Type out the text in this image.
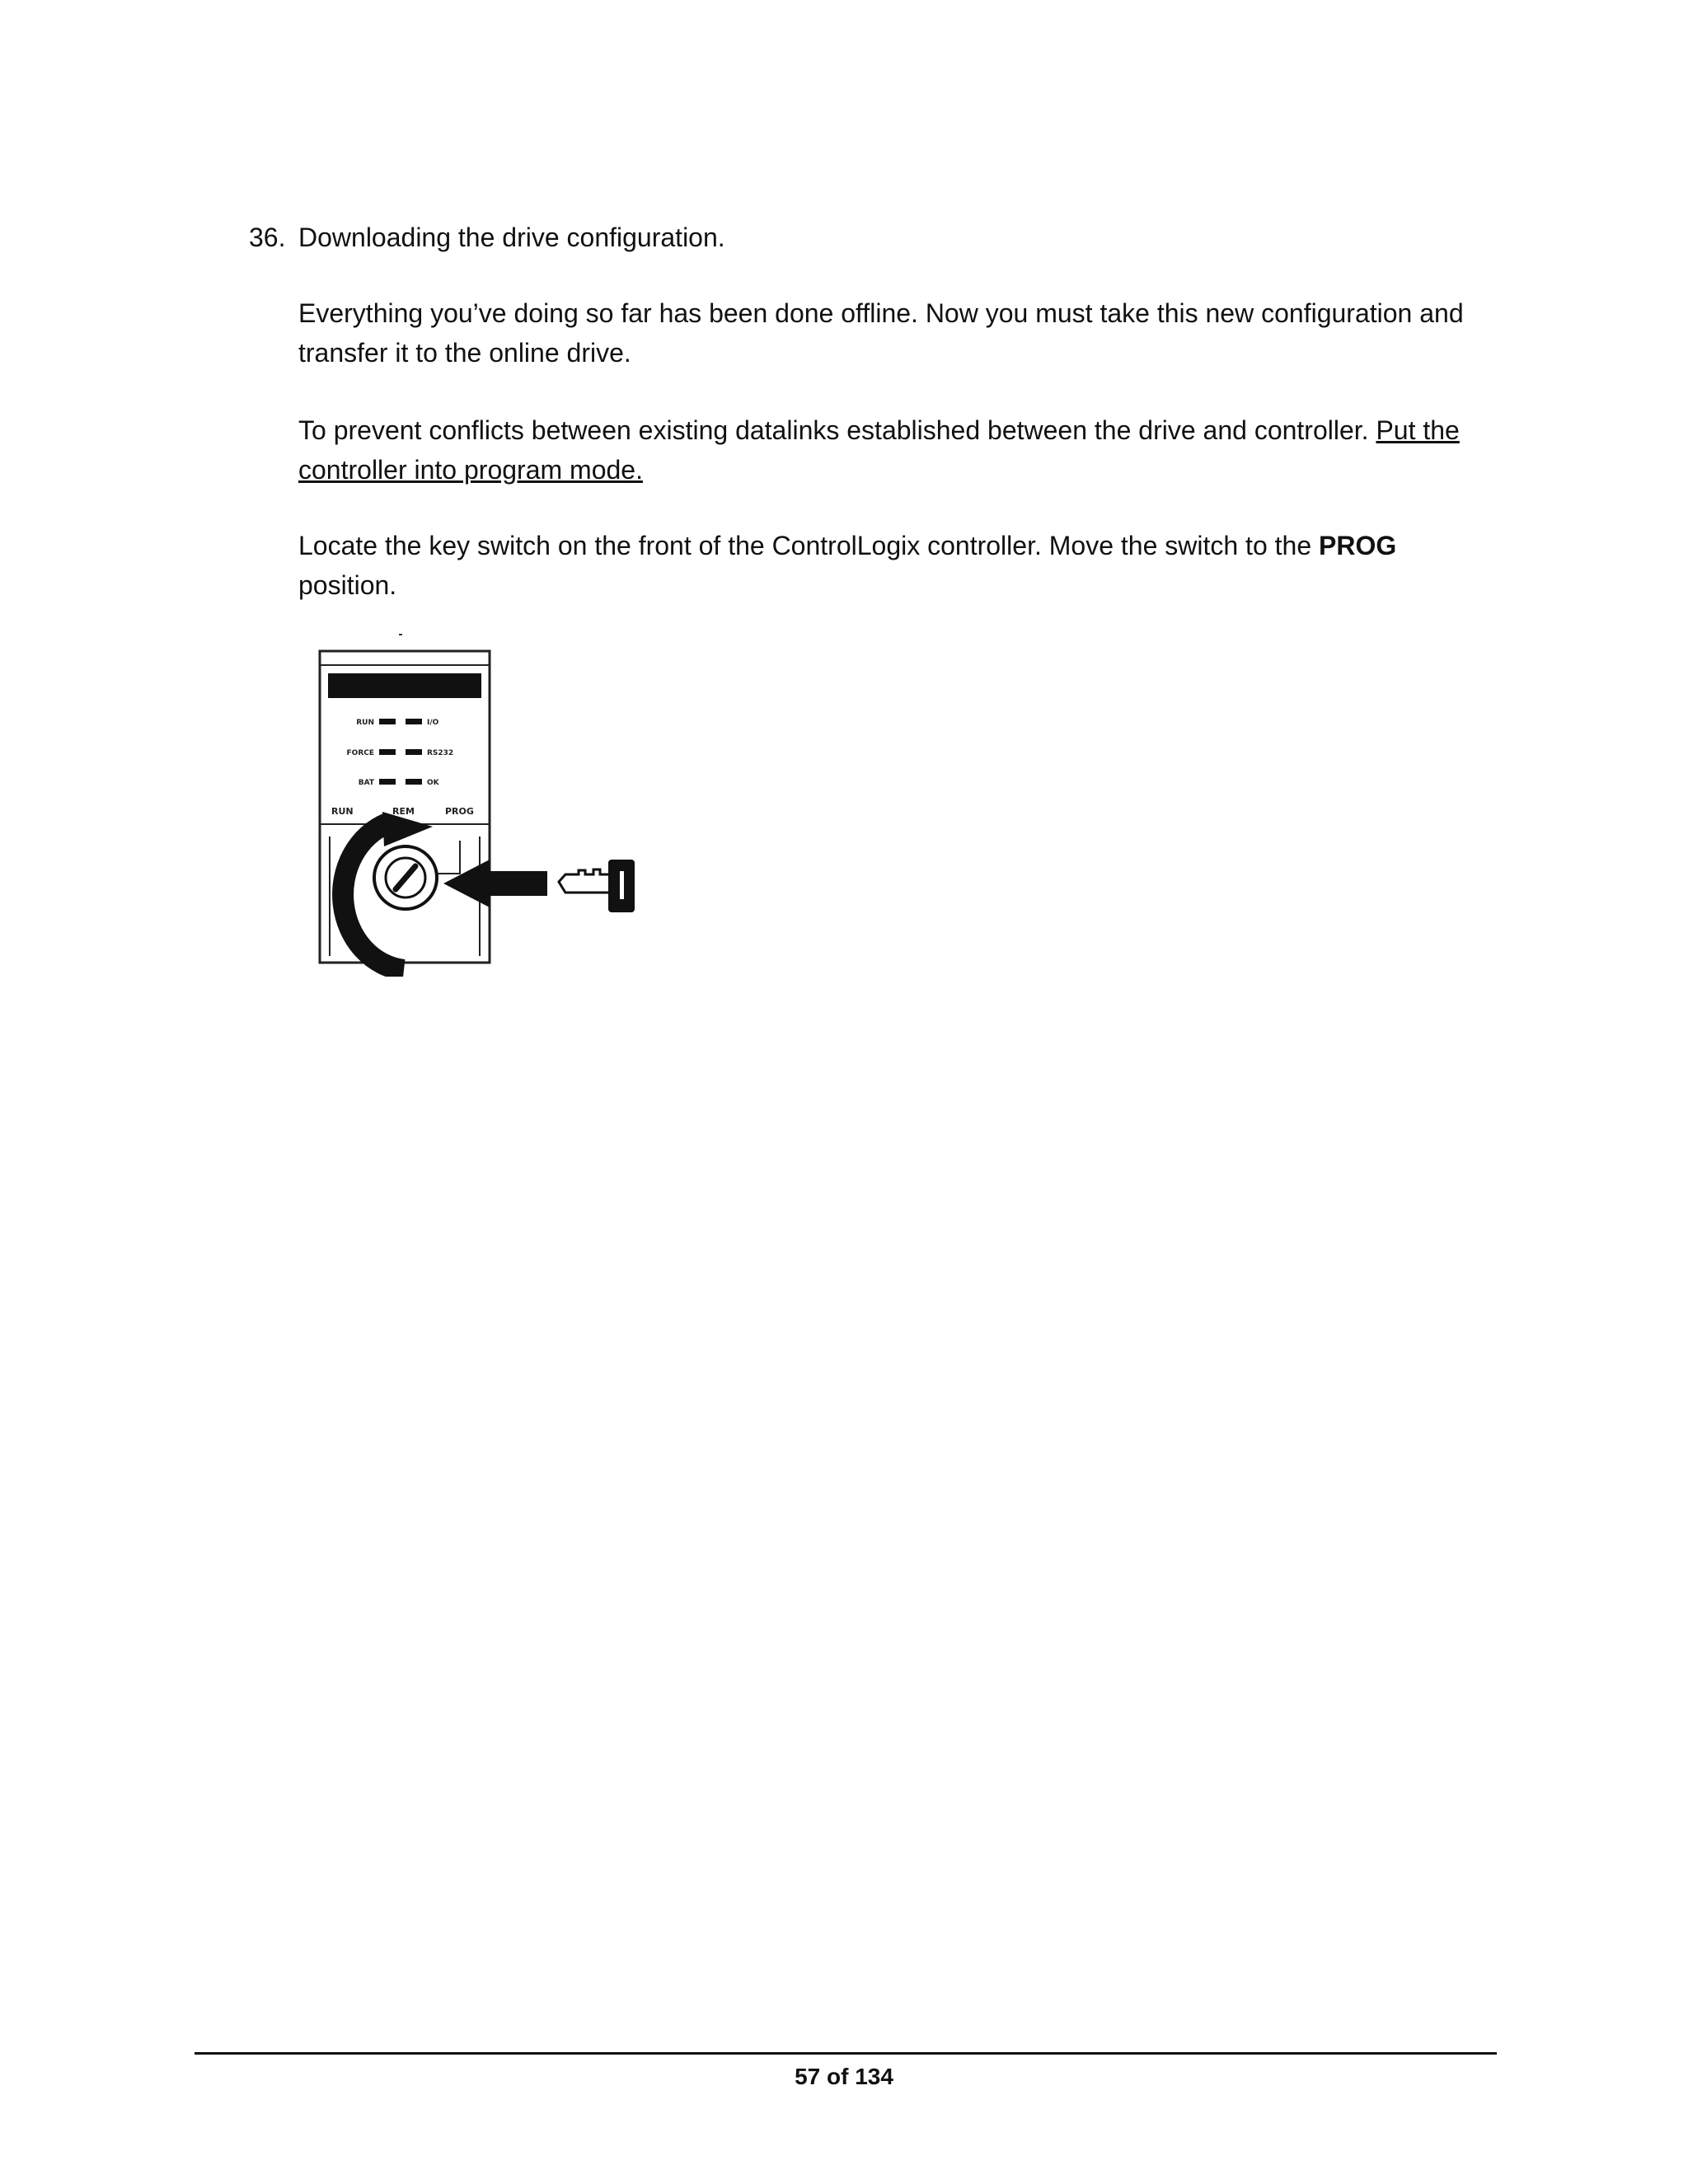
36. Downloading the drive configuration.

Everything you’ve doing so far has been done offline. Now you must take this new configuration and transfer it to the online drive.

To prevent conflicts between existing datalinks established between the drive and controller. Put the controller into program mode.

Locate the key switch on the front of the ControlLogix controller. Move the switch to the PROG position.

RUN	I/O
FORCE	RS232
BAT	OK
RUN	REM	PROG
57 of 134
